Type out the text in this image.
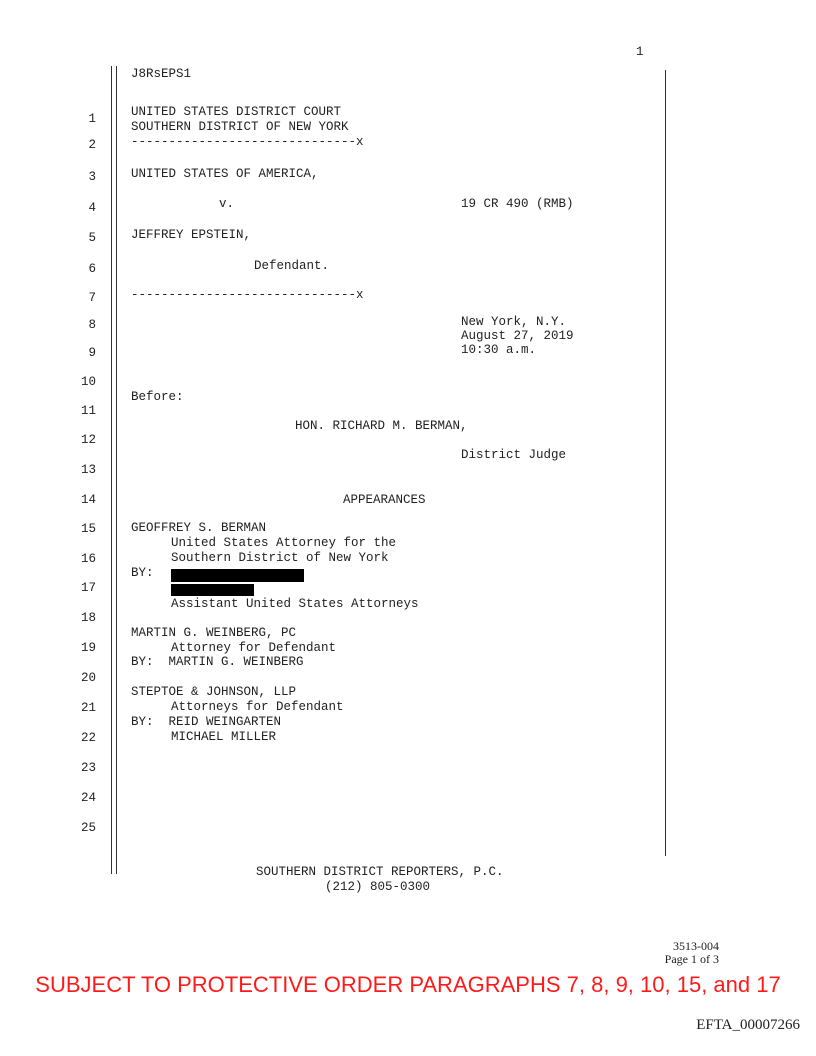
1
J8RsEPS1
1
2
3
4
5
6
7
8
9
10
11
12
13
14
15
16
17
18
19
20
21
22
23
24
25
UNITED STATES DISTRICT COURT
SOUTHERN DISTRICT OF NEW YORK
------------------------------x
UNITED STATES OF AMERICA,
v.	19 CR 490 (RMB)
JEFFREY EPSTEIN,
Defendant.
------------------------------x
New York, N.Y.
August 27, 2019
10:30 a.m.
Before:
HON. RICHARD M. BERMAN,
District Judge
APPEARANCES
GEOFFREY S. BERMAN
United States Attorney for the
Southern District of New York
BY:
Assistant United States Attorneys
MARTIN G. WEINBERG, PC
Attorney for Defendant
BY:  MARTIN G. WEINBERG
STEPTOE & JOHNSON, LLP
Attorneys for Defendant
BY:  REID WEINGARTEN
MICHAEL MILLER
SOUTHERN DISTRICT REPORTERS, P.C.
(212) 805-0300
3513-004
Page 1 of 3
SUBJECT TO PROTECTIVE ORDER PARAGRAPHS 7, 8, 9, 10, 15, and 17
EFTA_00007266
